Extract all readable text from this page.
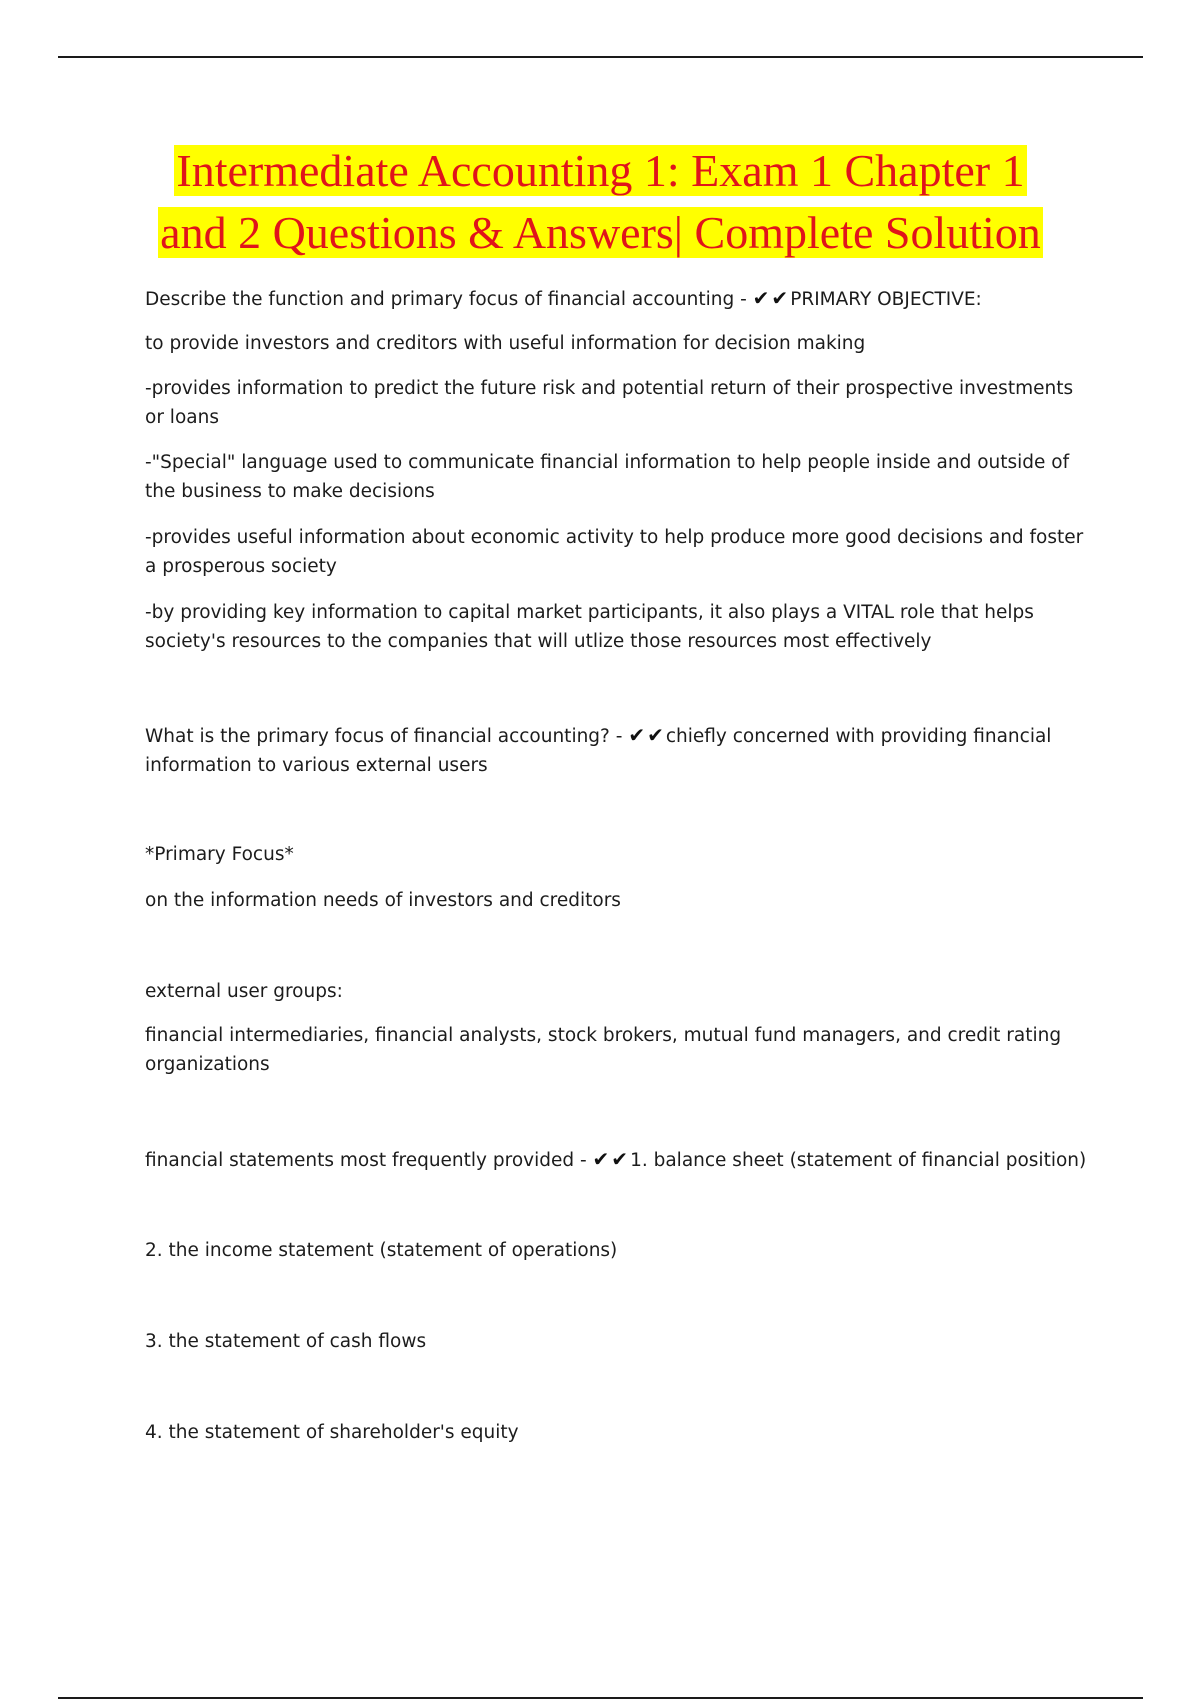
Intermediate Accounting 1: Exam 1 Chapter 1
and 2 Questions & Answers| Complete Solution

Describe the function and primary focus of financial accounting - ✔✔PRIMARY OBJECTIVE:

to provide investors and creditors with useful information for decision making

-provides information to predict the future risk and potential return of their prospective investments or loans

-"Special" language used to communicate financial information to help people inside and outside of the business to make decisions

-provides useful information about economic activity to help produce more good decisions and foster a prosperous society

-by providing key information to capital market participants, it also plays a VITAL role that helps society's resources to the companies that will utlize those resources most effectively

What is the primary focus of financial accounting? - ✔✔chiefly concerned with providing financial information to various external users

*Primary Focus*

on the information needs of investors and creditors

external user groups:

financial intermediaries, financial analysts, stock brokers, mutual fund managers, and credit rating organizations

financial statements most frequently provided - ✔✔1. balance sheet (statement of financial position)

2. the income statement (statement of operations)

3. the statement of cash flows

4. the statement of shareholder's equity
